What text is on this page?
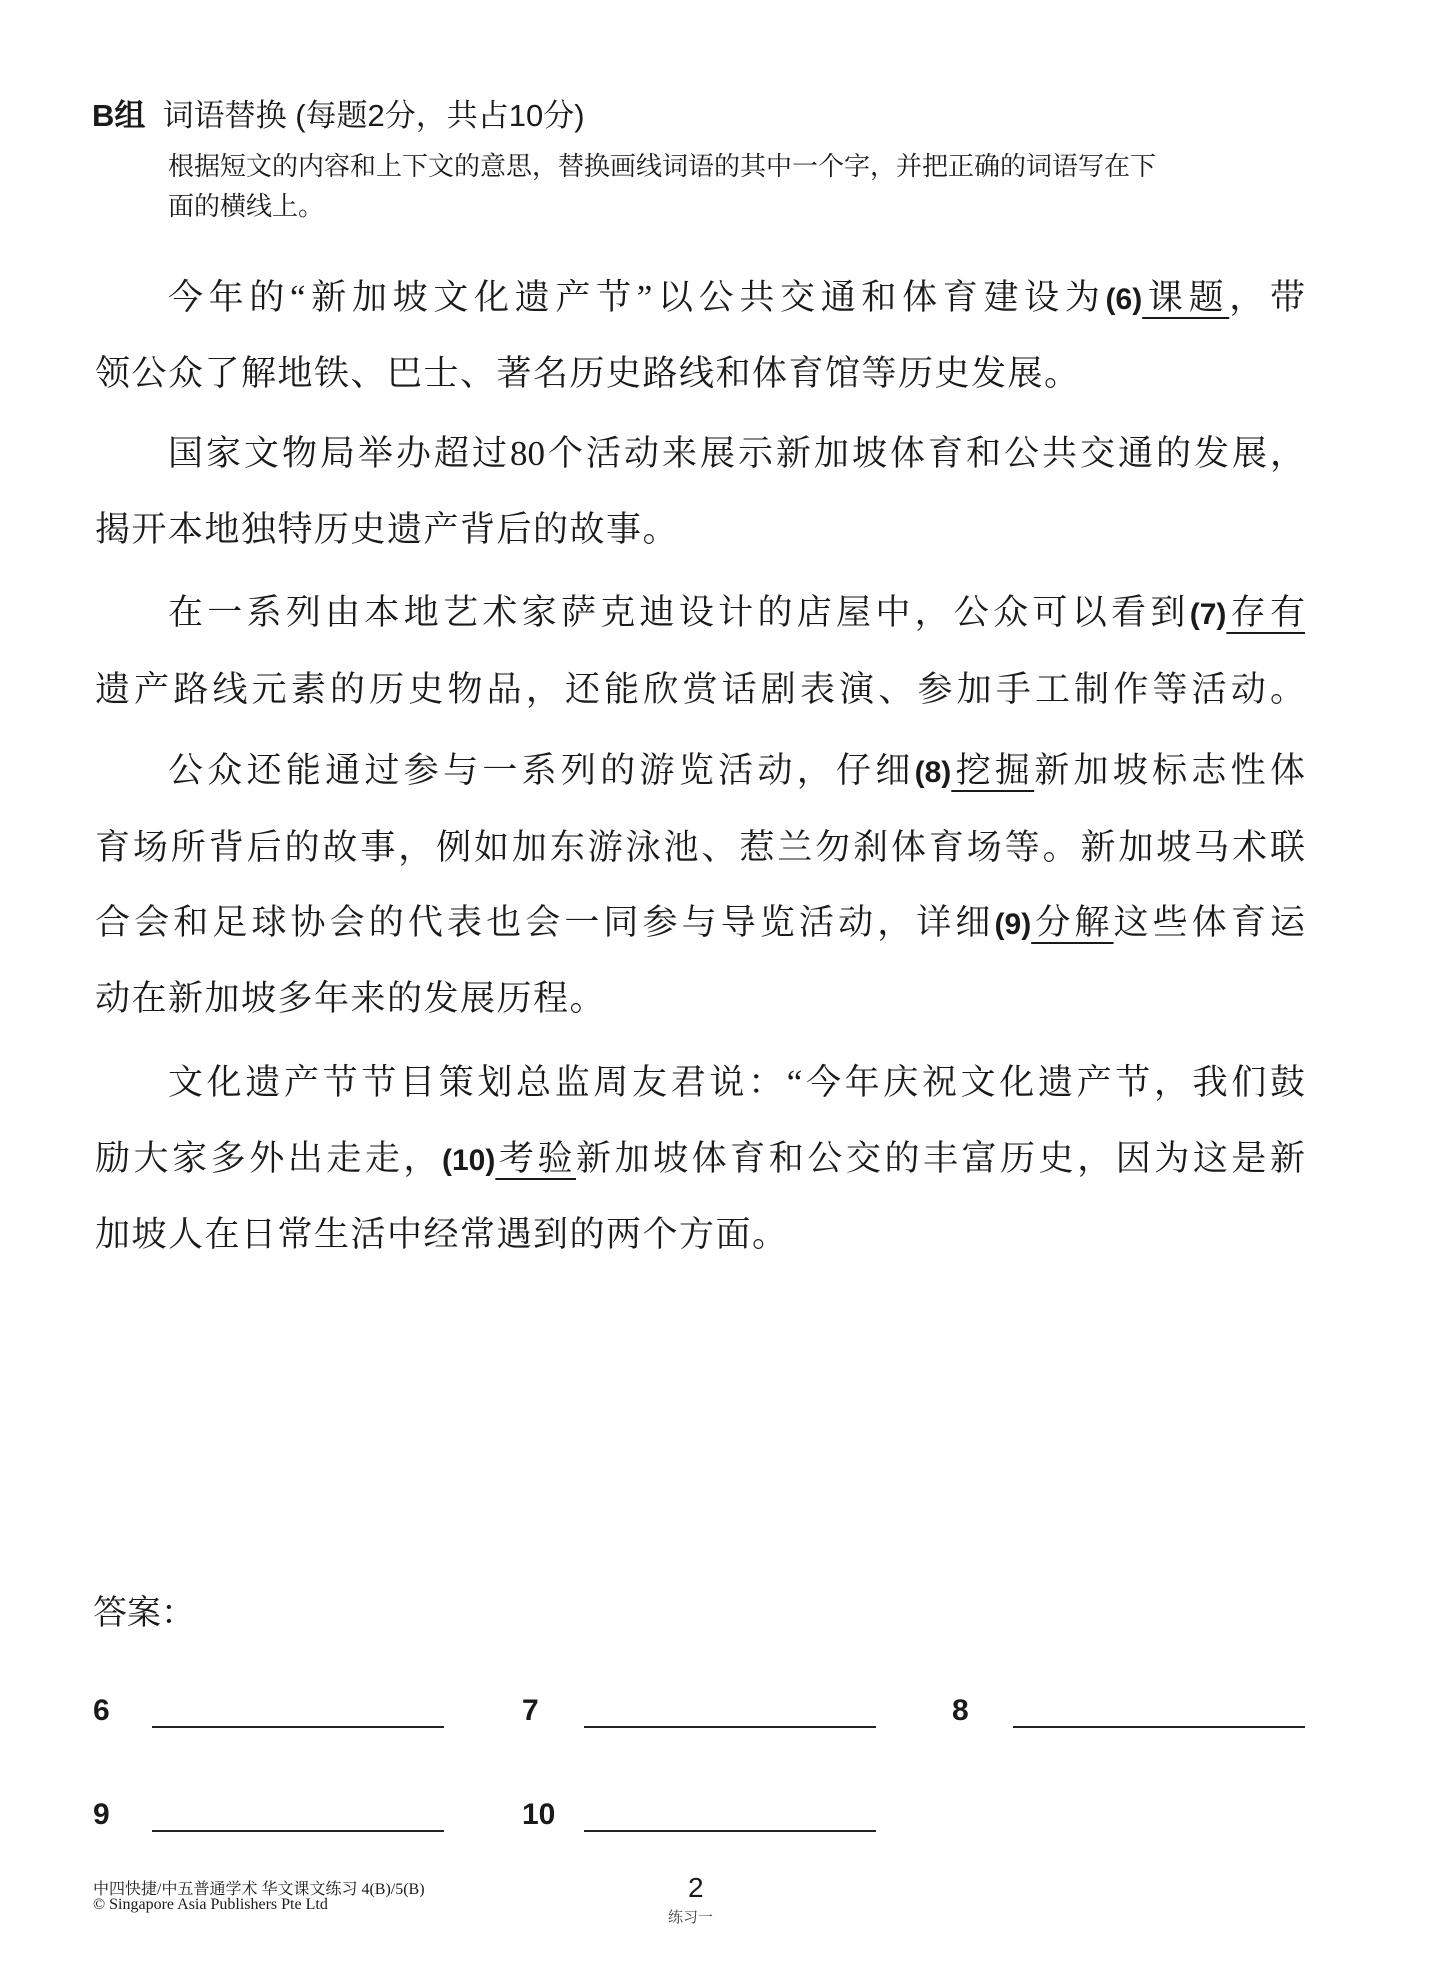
B组 词语替换 (每题2分，共占10分)
根据短文的内容和上下文的意思，替换画线词语的其中一个字，并把正确的词语写在下
面的横线上。
今年的“新加坡文化遗产节”以公共交通和体育建设为(6)课题，带
领公众了解地铁、巴士、著名历史路线和体育馆等历史发展。
国家文物局举办超过80个活动来展示新加坡体育和公共交通的发展，
揭开本地独特历史遗产背后的故事。
在一系列由本地艺术家萨克迪设计的店屋中，公众可以看到(7)存有
遗产路线元素的历史物品，还能欣赏话剧表演、参加手工制作等活动。
公众还能通过参与一系列的游览活动，仔细(8)挖掘新加坡标志性体
育场所背后的故事，例如加东游泳池、惹兰勿刹体育场等。新加坡马术联
合会和足球协会的代表也会一同参与导览活动，详细(9)分解这些体育运
动在新加坡多年来的发展历程。
文化遗产节节目策划总监周友君说：“今年庆祝文化遗产节，我们鼓
励大家多外出走走，(10)考验新加坡体育和公交的丰富历史，因为这是新
加坡人在日常生活中经常遇到的两个方面。
答案：
6	7	8
9	10
中四快捷/中五普通学术 华文课文练习 4(B)/5(B)
© Singapore Asia Publishers Pte Ltd
2
练习一
